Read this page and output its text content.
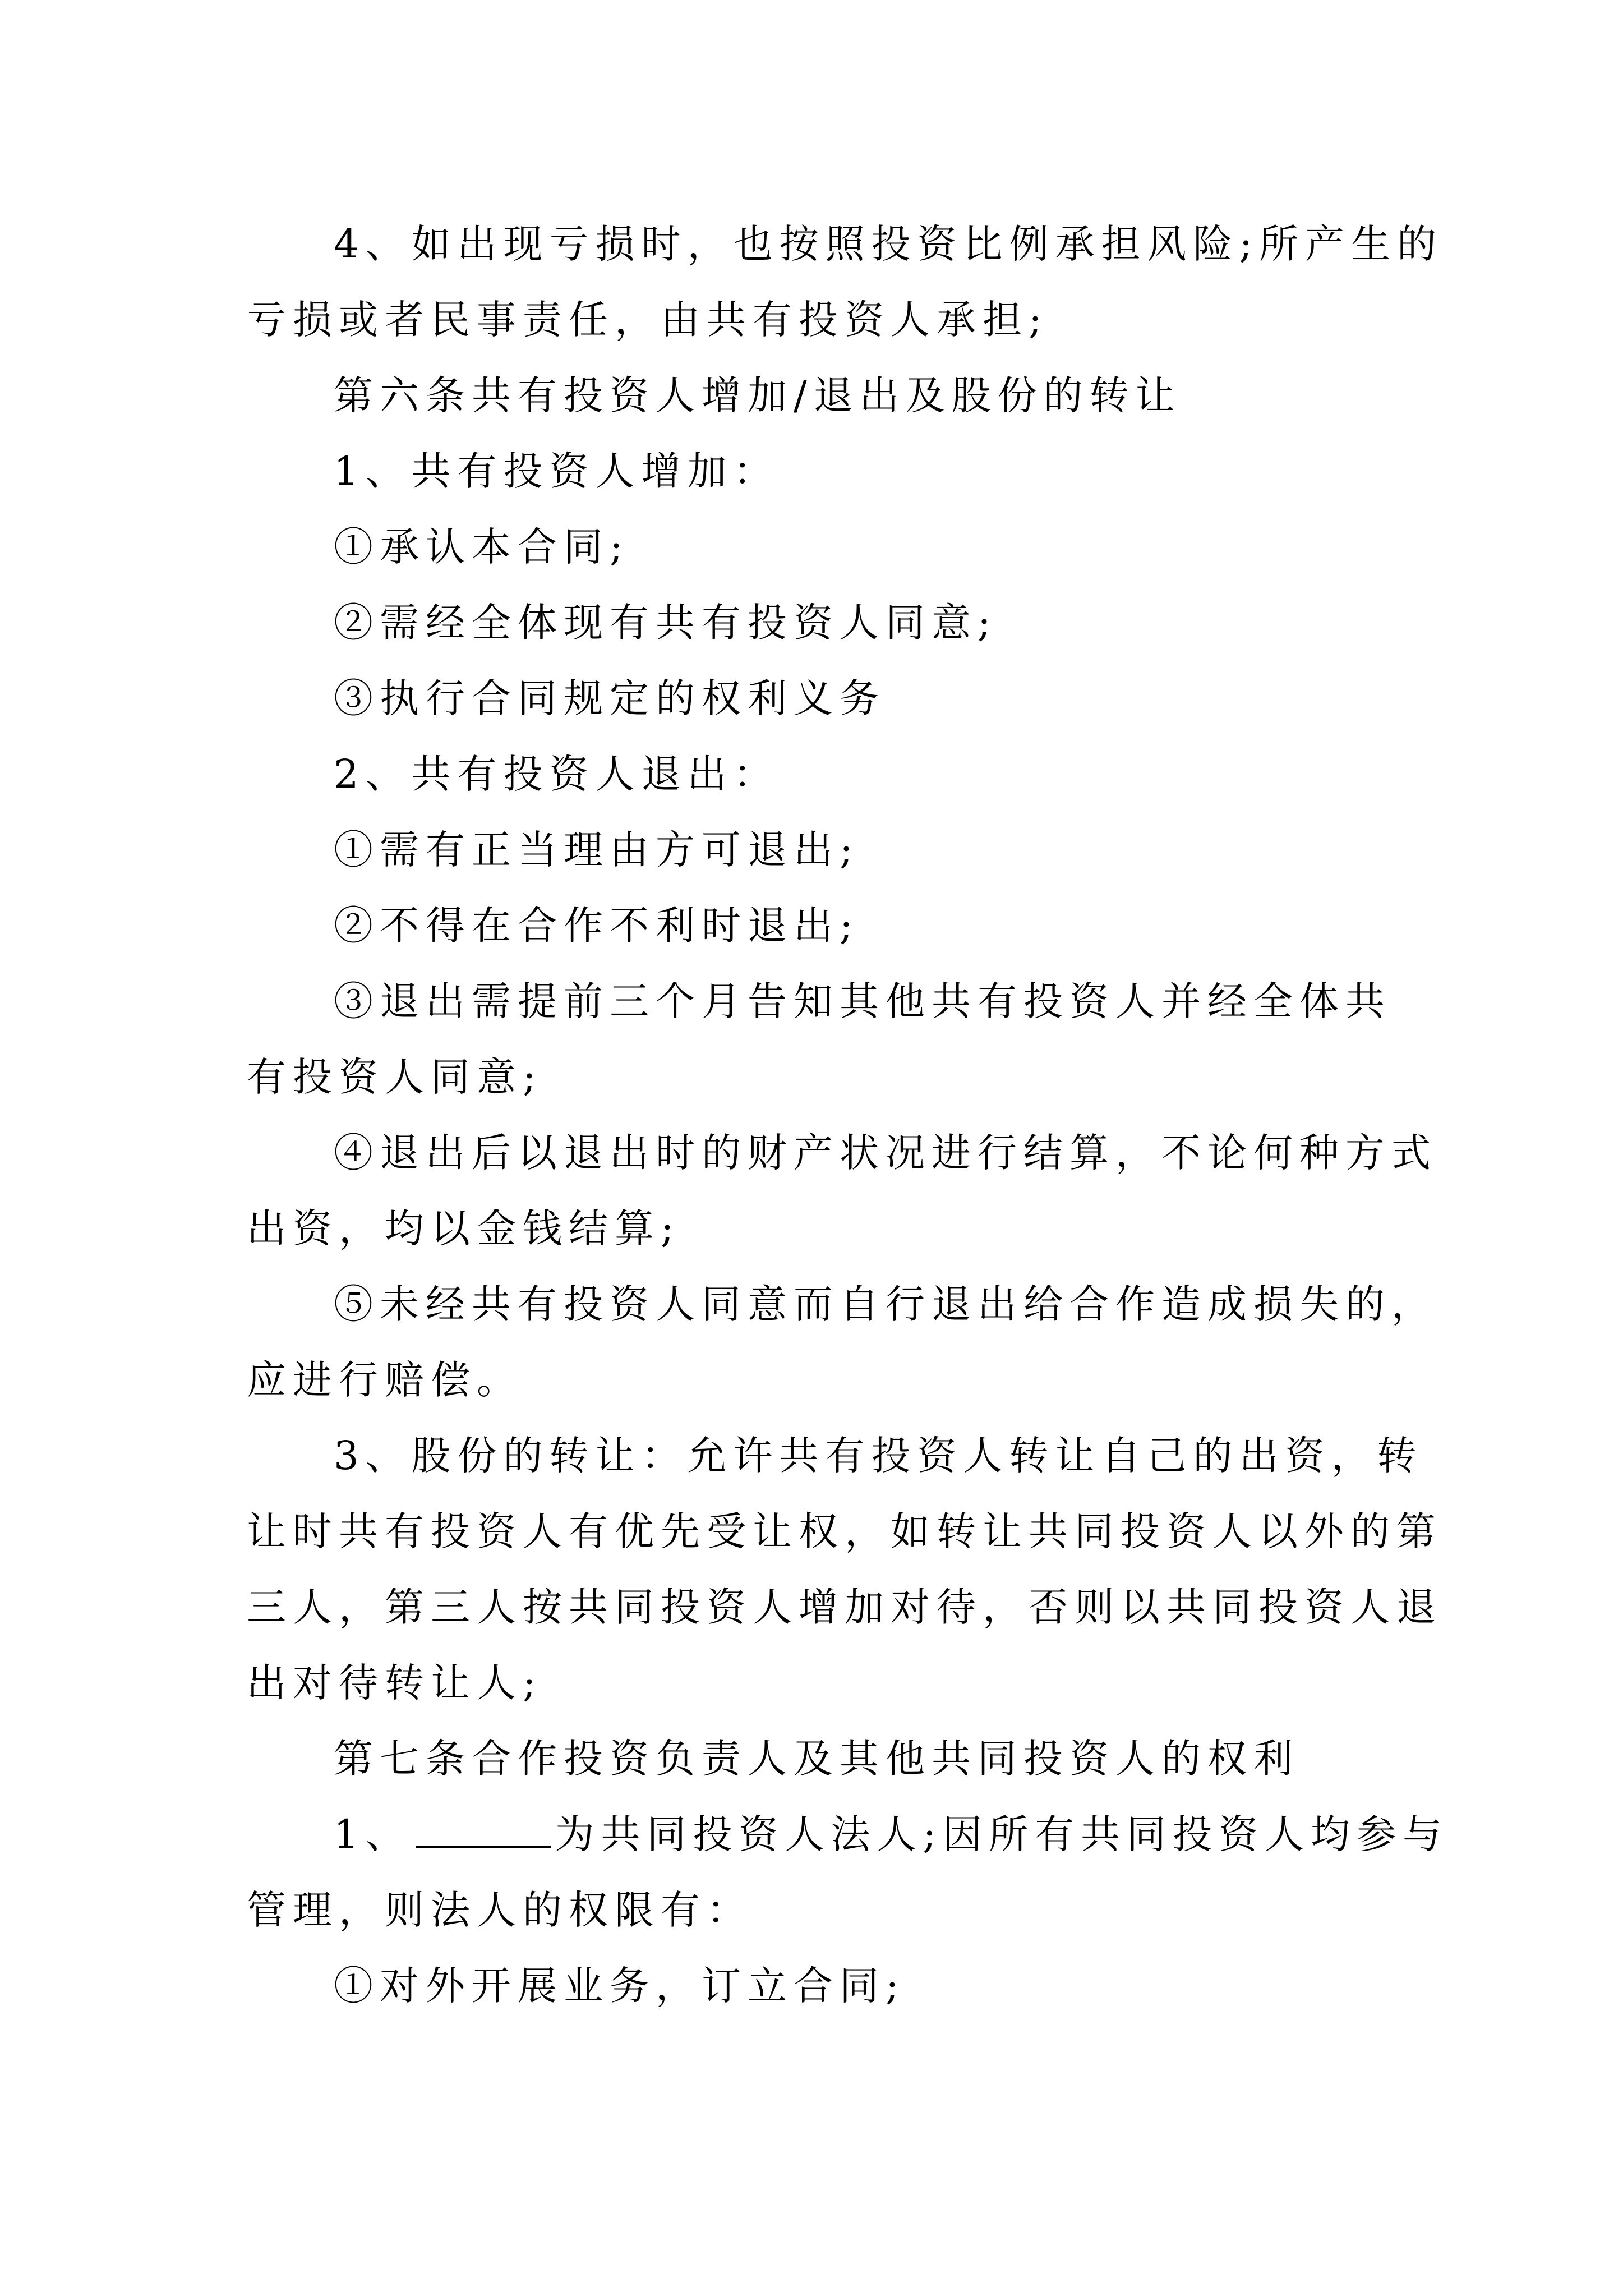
4、如出现亏损时，也按照投资比例承担风险;所产生的
亏损或者民事责任，由共有投资人承担;
第六条共有投资人增加/退出及股份的转让
1、共有投资人增加：
①承认本合同;
②需经全体现有共有投资人同意;
③执行合同规定的权利义务
2、共有投资人退出：
①需有正当理由方可退出;
②不得在合作不利时退出;
③退出需提前三个月告知其他共有投资人并经全体共
有投资人同意;
④退出后以退出时的财产状况进行结算，不论何种方式
出资，均以金钱结算;
⑤未经共有投资人同意而自行退出给合作造成损失的，
应进行赔偿。
3、股份的转让：允许共有投资人转让自己的出资，转
让时共有投资人有优先受让权，如转让共同投资人以外的第
三人，第三人按共同投资人增加对待，否则以共同投资人退
出对待转让人;
第七条合作投资负责人及其他共同投资人的权利
1、	为共同投资人法人;因所有共同投资人均参与
管理，则法人的权限有：
①对外开展业务，订立合同;
